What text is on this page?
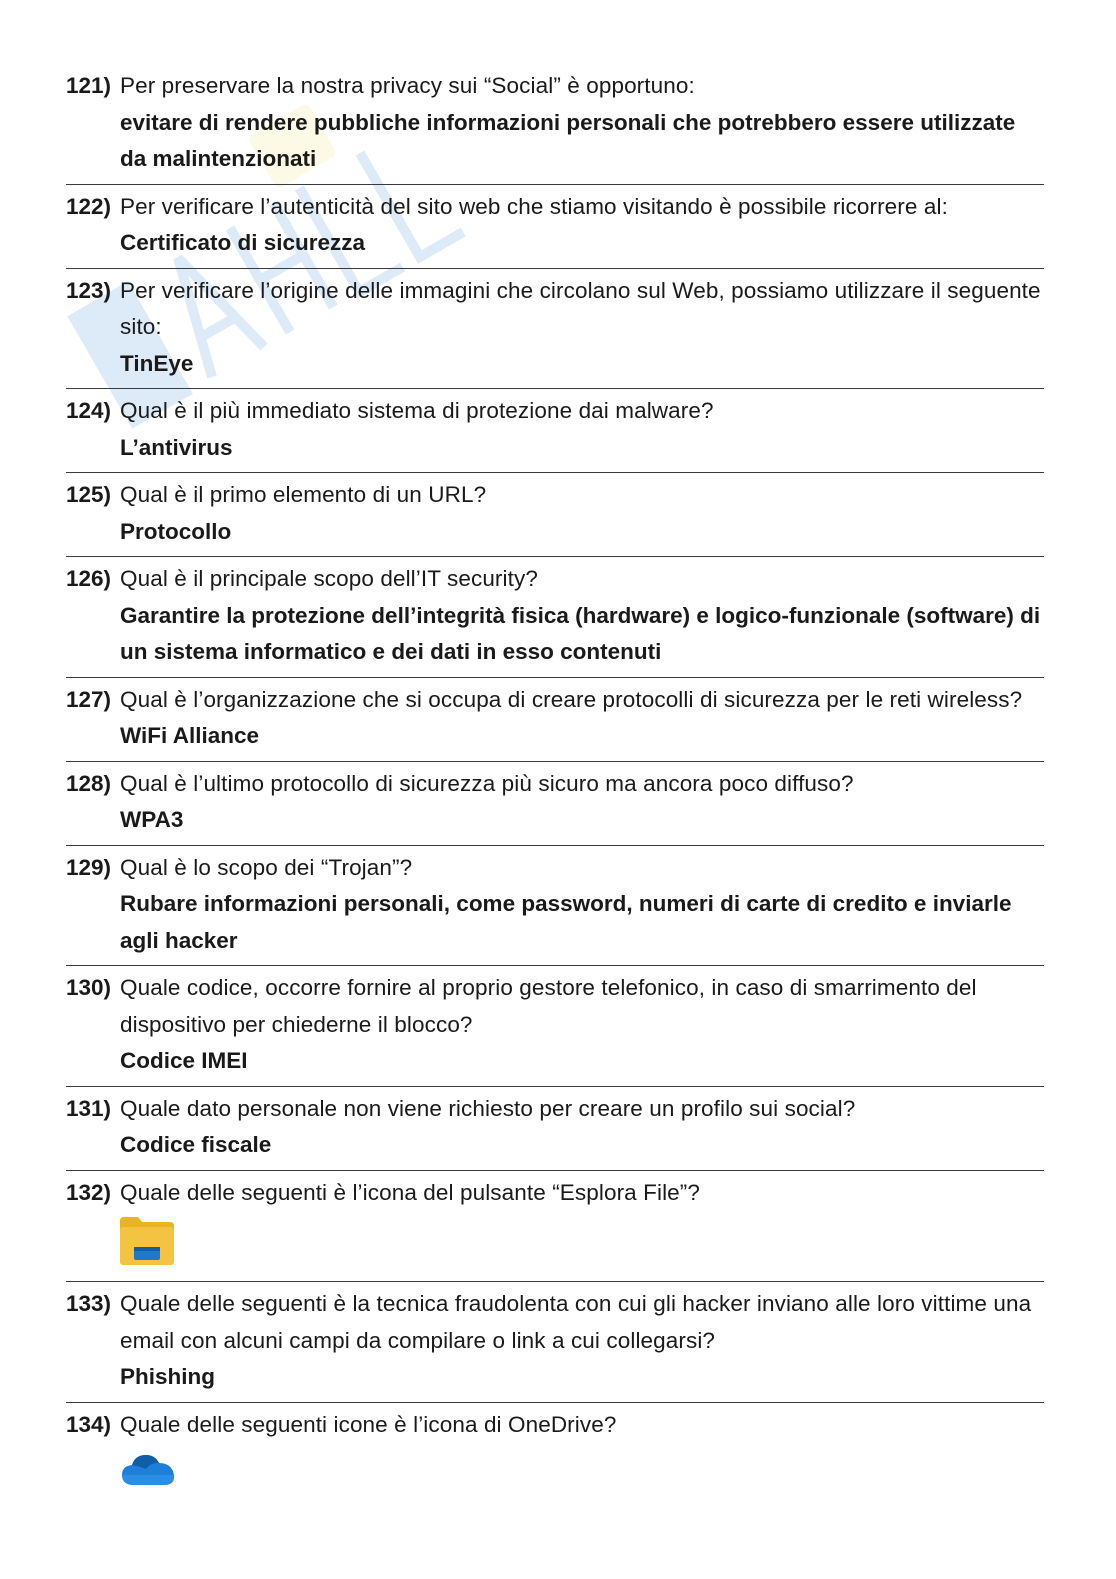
121) Per preservare la nostra privacy sui “Social” è opportuno:
evitare di rendere pubbliche informazioni personali che potrebbero essere utilizzate da malintenzionati
122) Per verificare l’autenticità del sito web che stiamo visitando è possibile ricorrere al:
Certificato di sicurezza
123) Per verificare l’origine delle immagini che circolano sul Web, possiamo utilizzare il seguente sito:
TinEye
124) Qual è il più immediato sistema di protezione dai malware?
L’antivirus
125) Qual è il primo elemento di un URL?
Protocollo
126) Qual è il principale scopo dell’IT security?
Garantire la protezione dell’integrità fisica (hardware) e logico-funzionale (software) di un sistema informatico e dei dati in esso contenuti
127) Qual è l’organizzazione che si occupa di creare protocolli di sicurezza per le reti wireless?
WiFi Alliance
128) Qual è l’ultimo protocollo di sicurezza più sicuro ma ancora poco diffuso?
WPA3
129) Qual è lo scopo dei “Trojan”?
Rubare informazioni personali, come password, numeri di carte di credito e inviarle agli hacker
130) Quale codice, occorre fornire al proprio gestore telefonico, in caso di smarrimento del dispositivo per chiederne il blocco?
Codice IMEI
131) Quale dato personale non viene richiesto per creare un profilo sui social?
Codice fiscale
132) Quale delle seguenti è l’icona del pulsante “Esplora File”?
133) Quale delle seguenti è la tecnica fraudolenta con cui gli hacker inviano alle loro vittime una email con alcuni campi da compilare o link a cui collegarsi?
Phishing
134) Quale delle seguenti icone è l’icona di OneDrive?
